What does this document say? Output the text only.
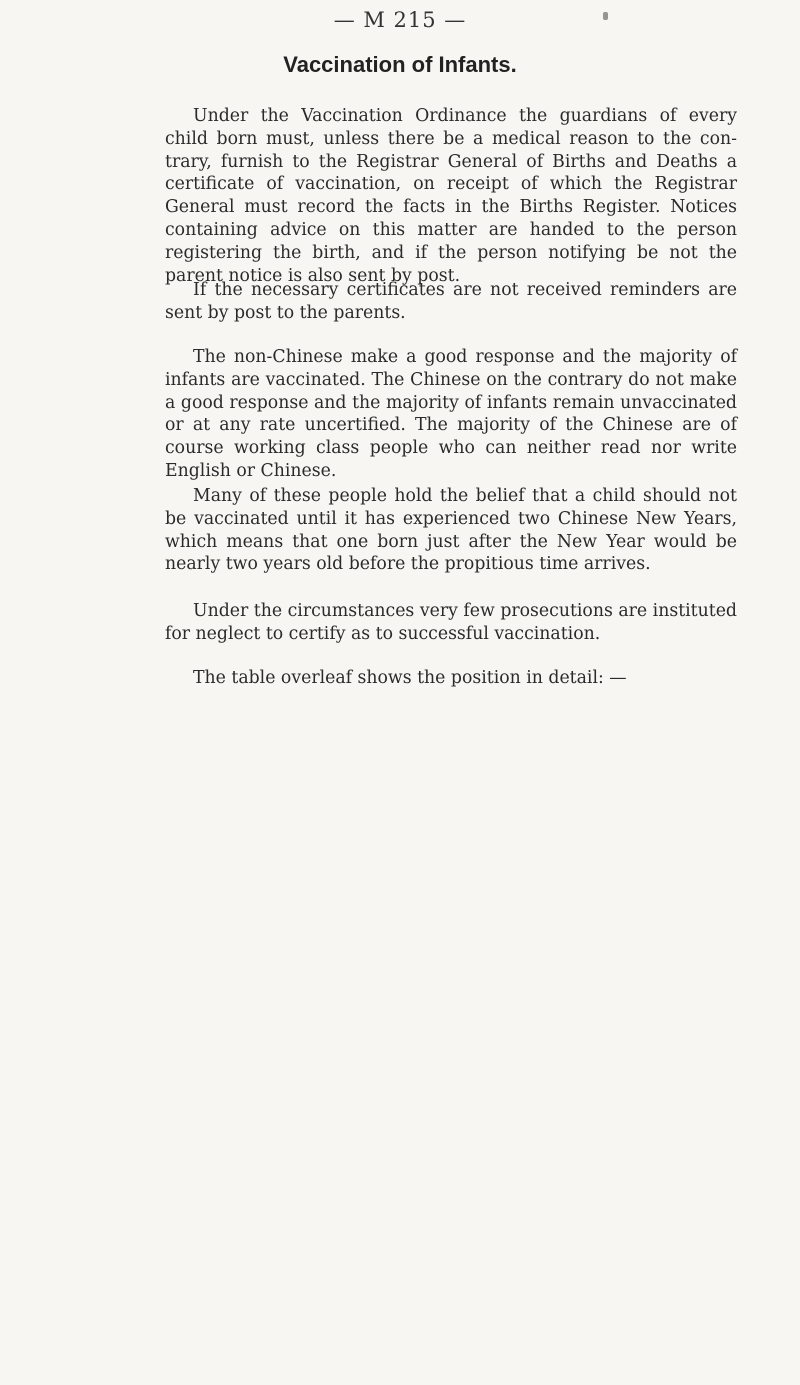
— M 215 —
Vaccination of Infants.

Under the Vaccination Ordinance the guardians of every child born must, unless there be a medical reason to the contrary, furnish to the Registrar General of Births and Deaths a certificate of vaccination, on receipt of which the Registrar General must record the facts in the Births Register. Notices containing advice on this matter are handed to the person registering the birth, and if the person notifying be not the parent notice is also sent by post.

If the necessary certificates are not received reminders are sent by post to the parents.

The non-Chinese make a good response and the majority of infants are vaccinated. The Chinese on the contrary do not make a good response and the majority of infants remain unvaccinated or at any rate uncertified. The majority of the Chinese are of course working class people who can neither read nor write English or Chinese.

Many of these people hold the belief that a child should not be vaccinated until it has experienced two Chinese New Years, which means that one born just after the New Year would be nearly two years old before the propitious time arrives.

Under the circumstances very few prosecutions are instituted for neglect to certify as to successful vaccination.

The table overleaf shows the position in detail: —
